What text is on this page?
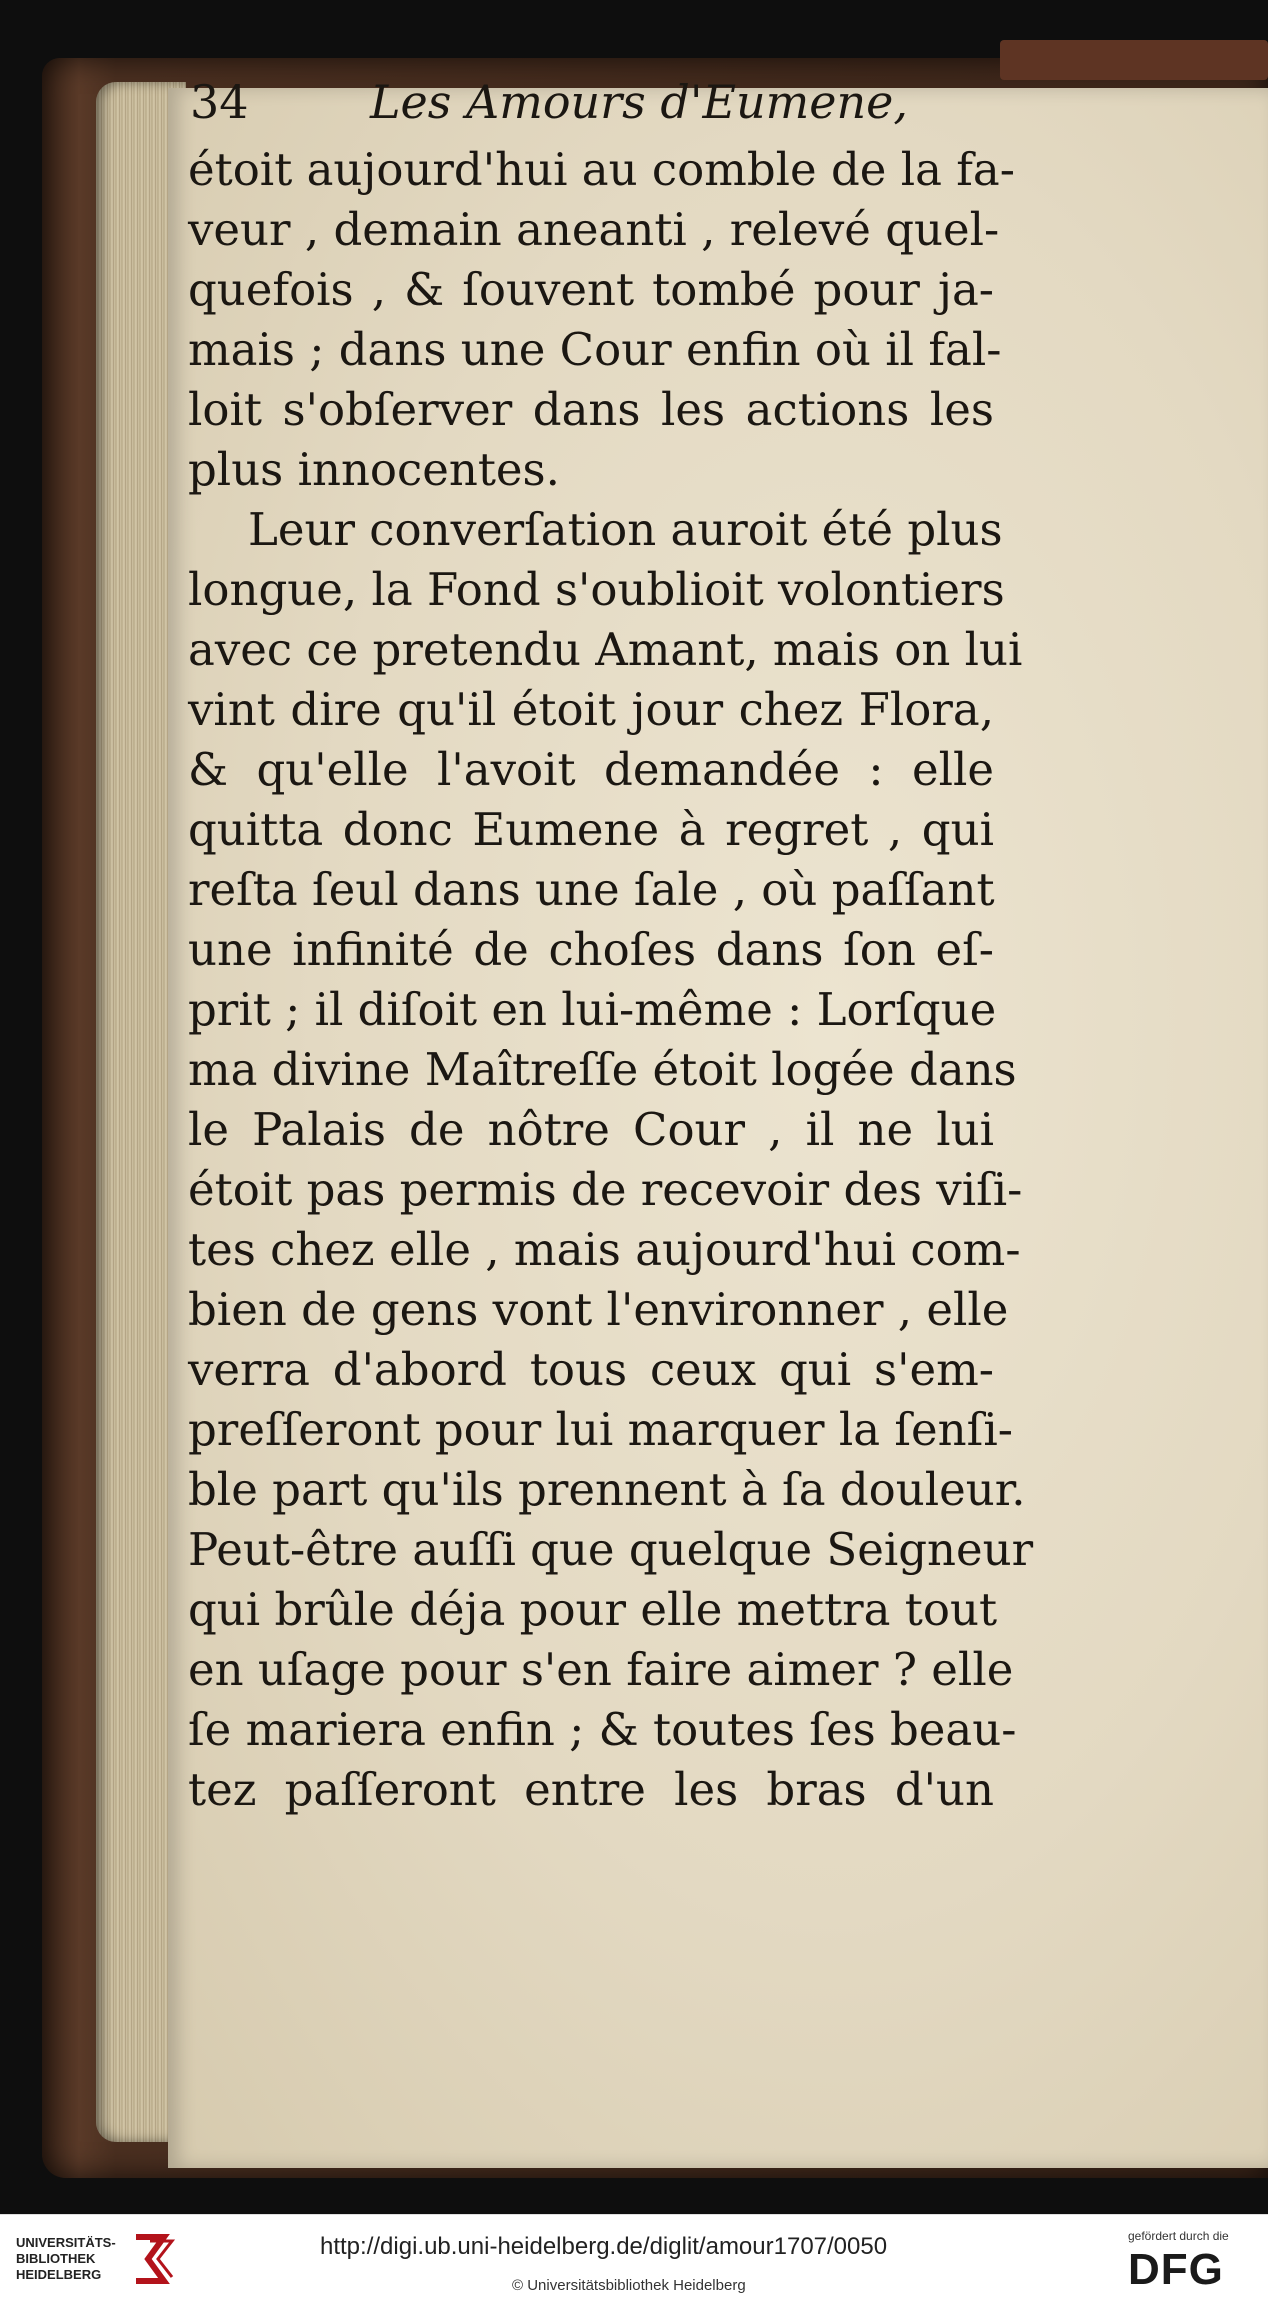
34	Les Amours d'Eumene,
étoit aujourd'hui au comble de la fa-
veur , demain aneanti , relevé quel-
quefois , & ſouvent tombé pour ja-
mais ; dans une Cour enfin où il fal-
loit s'obſerver dans les actions les
plus innocentes.
Leur converſation auroit été plus
longue, la Fond s'oublioit volontiers
avec ce pretendu Amant, mais on lui
vint dire qu'il étoit jour chez Flora,
& qu'elle l'avoit demandée : elle
quitta donc Eumene à regret , qui
reſta ſeul dans une ſale , où paſſant
une infinité de choſes dans ſon eſ-
prit ; il diſoit en lui-même : Lorſque
ma divine Maîtreſſe étoit logée dans
le Palais de nôtre Cour , il ne lui
étoit pas permis de recevoir des viſi-
tes chez elle , mais aujourd'hui com-
bien de gens vont l'environner , elle
verra d'abord tous ceux qui s'em-
preſſeront pour lui marquer la ſenſi-
ble part qu'ils prennent à ſa douleur.
Peut-être auſſi que quelque Seigneur
qui brûle déja pour elle mettra tout
en uſage pour s'en faire aimer ? elle
ſe mariera enfin ; & toutes ſes beau-
tez paſſeront entre les bras d'un
UNIVERSITÄTS-
BIBLIOTHEK
HEIDELBERG
http://digi.ub.uni-heidelberg.de/diglit/amour1707/0050
© Universitätsbibliothek Heidelberg
gefördert durch die
DFG
